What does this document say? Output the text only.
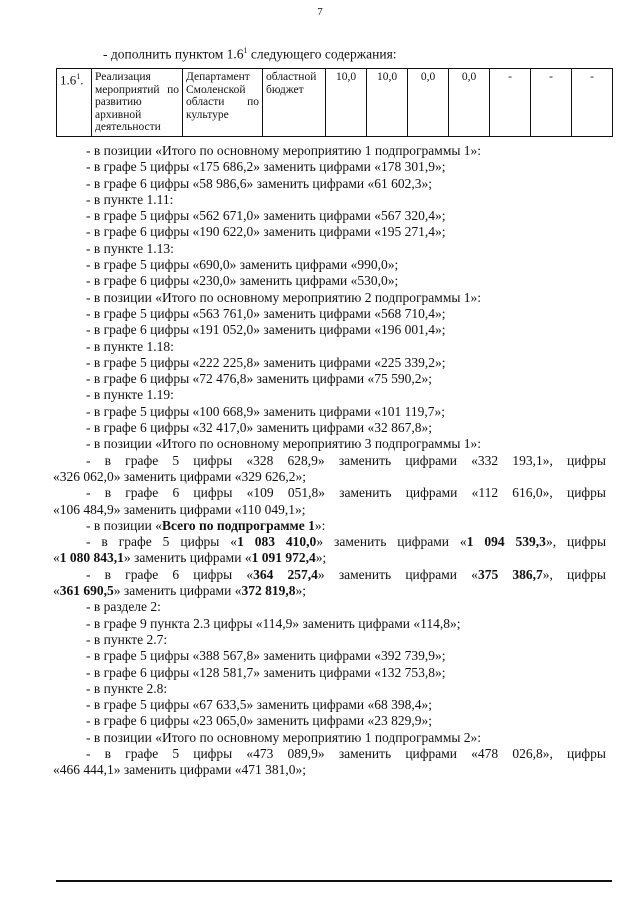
7
- дополнить пунктом $1.6^1$ следующего содержания:
$1.6^1$.	Реализация мероприятий по развитию архивной деятельности	Департамент Смоленской области по культуре	областной бюджет	10,0	10,0	0,0	0,0	-	-	-
- в позиции «Итого по основному мероприятию 1 подпрограммы 1»:
- в графе 5 цифры «175 686,2» заменить цифрами «178 301,9»;
- в графе 6 цифры «58 986,6» заменить цифрами «61 602,3»;
- в пункте 1.11:
- в графе 5 цифры «562 671,0» заменить цифрами «567 320,4»;
- в графе 6 цифры «190 622,0» заменить цифрами «195 271,4»;
- в пункте 1.13:
- в графе 5 цифры «690,0» заменить цифрами «990,0»;
- в графе 6 цифры «230,0» заменить цифрами «530,0»;
- в позиции «Итого по основному мероприятию 2 подпрограммы 1»:
- в графе 5 цифры «563 761,0» заменить цифрами «568 710,4»;
- в графе 6 цифры «191 052,0» заменить цифрами «196 001,4»;
- в пункте 1.18:
- в графе 5 цифры «222 225,8» заменить цифрами «225 339,2»;
- в графе 6 цифры «72 476,8» заменить цифрами «75 590,2»;
- в пункте 1.19:
- в графе 5 цифры «100 668,9» заменить цифрами «101 119,7»;
- в графе 6 цифры «32 417,0» заменить цифрами «32 867,8»;
- в позиции «Итого по основному мероприятию 3 подпрограммы 1»:
- в графе 5 цифры «328 628,9» заменить цифрами «332 193,1», цифры
«326 062,0» заменить цифрами «329 626,2»;
- в графе 6 цифры «109 051,8» заменить цифрами «112 616,0», цифры
«106 484,9» заменить цифрами «110 049,1»;
- в позиции «Всего по подпрограмме 1»:
- в графе 5 цифры «1 083 410,0» заменить цифрами «1 094 539,3», цифры
«1 080 843,1» заменить цифрами «1 091 972,4»;
- в графе 6 цифры «364 257,4» заменить цифрами «375 386,7», цифры
«361 690,5» заменить цифрами «372 819,8»;
- в разделе 2:
- в графе 9 пункта 2.3 цифры «114,9» заменить цифрами «114,8»;
- в пункте 2.7:
- в графе 5 цифры «388 567,8» заменить цифрами «392 739,9»;
- в графе 6 цифры «128 581,7» заменить цифрами «132 753,8»;
- в пункте 2.8:
- в графе 5 цифры «67 633,5» заменить цифрами «68 398,4»;
- в графе 6 цифры «23 065,0» заменить цифрами «23 829,9»;
- в позиции «Итого по основному мероприятию 1 подпрограммы 2»:
- в графе 5 цифры «473 089,9» заменить цифрами «478 026,8», цифры
«466 444,1» заменить цифрами «471 381,0»;
